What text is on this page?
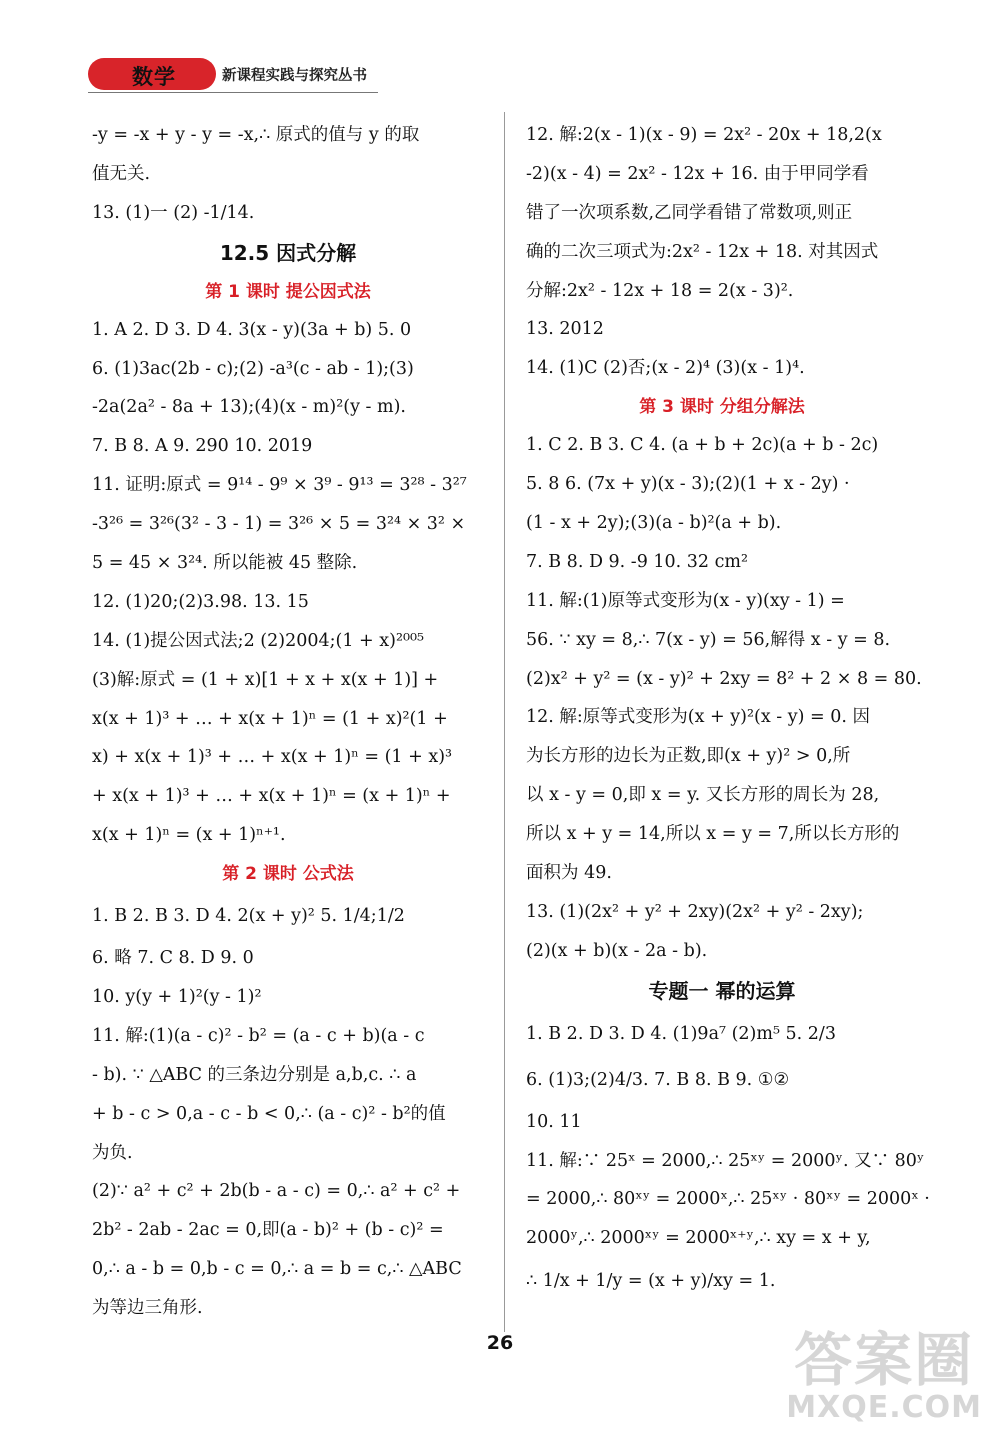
数学	新课程实践与探究丛书
-y = -x + y - y = -x,∴ 原式的值与 y 的取
值无关.
13. (1)一 (2) -1/14.
12.5 因式分解
第 1 课时 提公因式法
1. A 2. D 3. D 4. 3(x - y)(3a + b) 5. 0
6. (1)3ac(2b - c);(2) -a³(c - ab - 1);(3)
-2a(2a² - 8a + 13);(4)(x - m)²(y - m).
7. B 8. A 9. 290 10. 2019
11. 证明:原式 = 9¹⁴ - 9⁹ × 3⁹ - 9¹³ = 3²⁸ - 3²⁷
-3²⁶ = 3²⁶(3² - 3 - 1) = 3²⁶ × 5 = 3²⁴ × 3² ×
5 = 45 × 3²⁴. 所以能被 45 整除.
12. (1)20;(2)3.98. 13. 15
14. (1)提公因式法;2 (2)2004;(1 + x)²⁰⁰⁵
(3)解:原式 = (1 + x)[1 + x + x(x + 1)] +
x(x + 1)³ + … + x(x + 1)ⁿ = (1 + x)²(1 +
x) + x(x + 1)³ + … + x(x + 1)ⁿ = (1 + x)³
+ x(x + 1)³ + … + x(x + 1)ⁿ = (x + 1)ⁿ +
x(x + 1)ⁿ = (x + 1)ⁿ⁺¹.
第 2 课时 公式法
1. B 2. B 3. D 4. 2(x + y)² 5. 1/4;1/2
6. 略 7. C 8. D 9. 0
10. y(y + 1)²(y - 1)²
11. 解:(1)(a - c)² - b² = (a - c + b)(a - c
- b). ∵ △ABC 的三条边分别是 a,b,c. ∴ a
+ b - c > 0,a - c - b < 0,∴ (a - c)² - b²的值
为负.
(2)∵ a² + c² + 2b(b - a - c) = 0,∴ a² + c² +
2b² - 2ab - 2ac = 0,即(a - b)² + (b - c)² =
0,∴ a - b = 0,b - c = 0,∴ a = b = c,∴ △ABC
为等边三角形.
12. 解:2(x - 1)(x - 9) = 2x² - 20x + 18,2(x
-2)(x - 4) = 2x² - 12x + 16. 由于甲同学看
错了一次项系数,乙同学看错了常数项,则正
确的二次三项式为:2x² - 12x + 18. 对其因式
分解:2x² - 12x + 18 = 2(x - 3)².
13. 2012
14. (1)C (2)否;(x - 2)⁴ (3)(x - 1)⁴.
第 3 课时 分组分解法
1. C 2. B 3. C 4. (a + b + 2c)(a + b - 2c)
5. 8 6. (7x + y)(x - 3);(2)(1 + x - 2y) ·
(1 - x + 2y);(3)(a - b)²(a + b).
7. B 8. D 9. -9 10. 32 cm²
11. 解:(1)原等式变形为(x - y)(xy - 1) =
56. ∵ xy = 8,∴ 7(x - y) = 56,解得 x - y = 8.
(2)x² + y² = (x - y)² + 2xy = 8² + 2 × 8 = 80.
12. 解:原等式变形为(x + y)²(x - y) = 0. 因
为长方形的边长为正数,即(x + y)² > 0,所
以 x - y = 0,即 x = y. 又长方形的周长为 28,
所以 x + y = 14,所以 x = y = 7,所以长方形的
面积为 49.
13. (1)(2x² + y² + 2xy)(2x² + y² - 2xy);
(2)(x + b)(x - 2a - b).
专题一 幂的运算
1. B 2. D 3. D 4. (1)9a⁷ (2)m⁵ 5. 2/3
6. (1)3;(2)4/3. 7. B 8. B 9. ①②
10. 11
11. 解:∵ 25ˣ = 2000,∴ 25ˣʸ = 2000ʸ. 又∵ 80ʸ
= 2000,∴ 80ˣʸ = 2000ˣ,∴ 25ˣʸ · 80ˣʸ = 2000ˣ ·
2000ʸ,∴ 2000ˣʸ = 2000ˣ⁺ʸ,∴ xy = x + y,
∴ 1/x + 1/y = (x + y)/xy = 1.
26	答案圈
MXQE.COM
